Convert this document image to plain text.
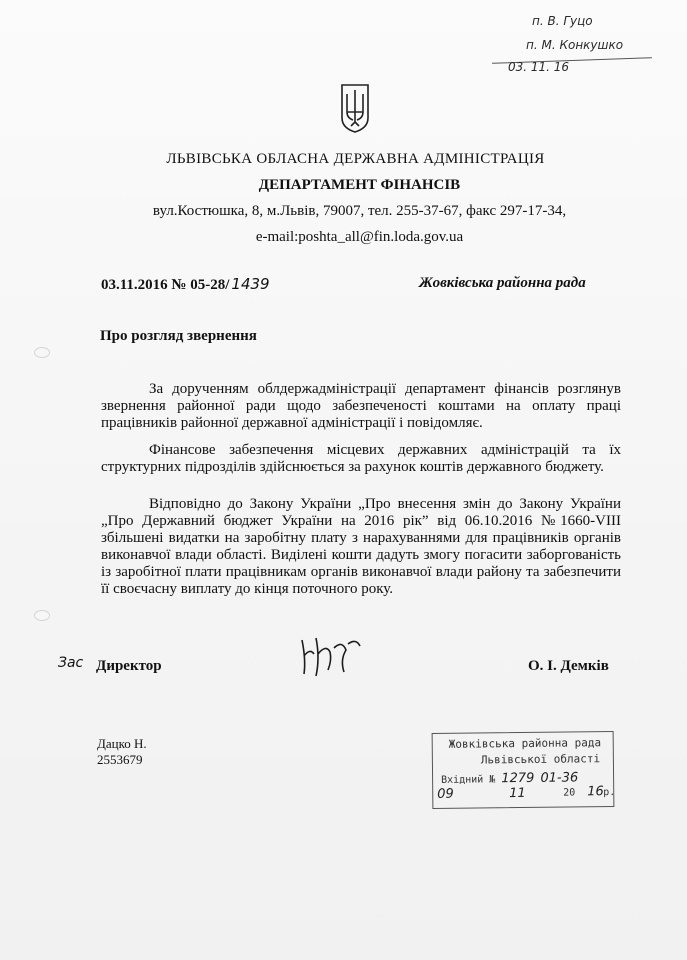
п. В. Гуцо
п. М. Конкушко
03. 11. 16
ЛЬВІВСЬКА ОБЛАСНА ДЕРЖАВНА АДМІНІСТРАЦІЯ
ДЕПАРТАМЕНТ ФІНАНСІВ
вул.Костюшка, 8, м.Львів, 79007, тел. 255-37-67, факс 297-17-34,
e-mail:poshta_all@fin.loda.gov.ua
03.11.2016 № 05-28/ 1439	Жовківська районна рада
Про розгляд звернення
За дорученням облдержадміністрації департамент фінансів розглянув звернення районної ради щодо забезпеченості коштами на оплату праці працівників районної державної адміністрації і повідомляє.
Фінансове забезпечення місцевих державних адміністрацій та їх структурних підрозділів здійснюється за рахунок коштів державного бюджету.
Відповідно до Закону України „Про внесення змін до Закону України „Про Державний бюджет України на 2016 рік” від 06.10.2016 №1660-VIII збільшені видатки на заробітну плату з нарахуваннями для працівників органів виконавчої влади області. Виділені кошти дадуть змогу погасити заборгованість із заробітної плати працівникам органів виконавчої влади району та забезпечити її своєчасну виплату до кінця поточного року.
Зас Директор	О. І. Демків
Дацко Н.
2553679
Жовківська районна рада
Львівської області
Вхідний № 1279 01-36
09	11	20 16 р.
